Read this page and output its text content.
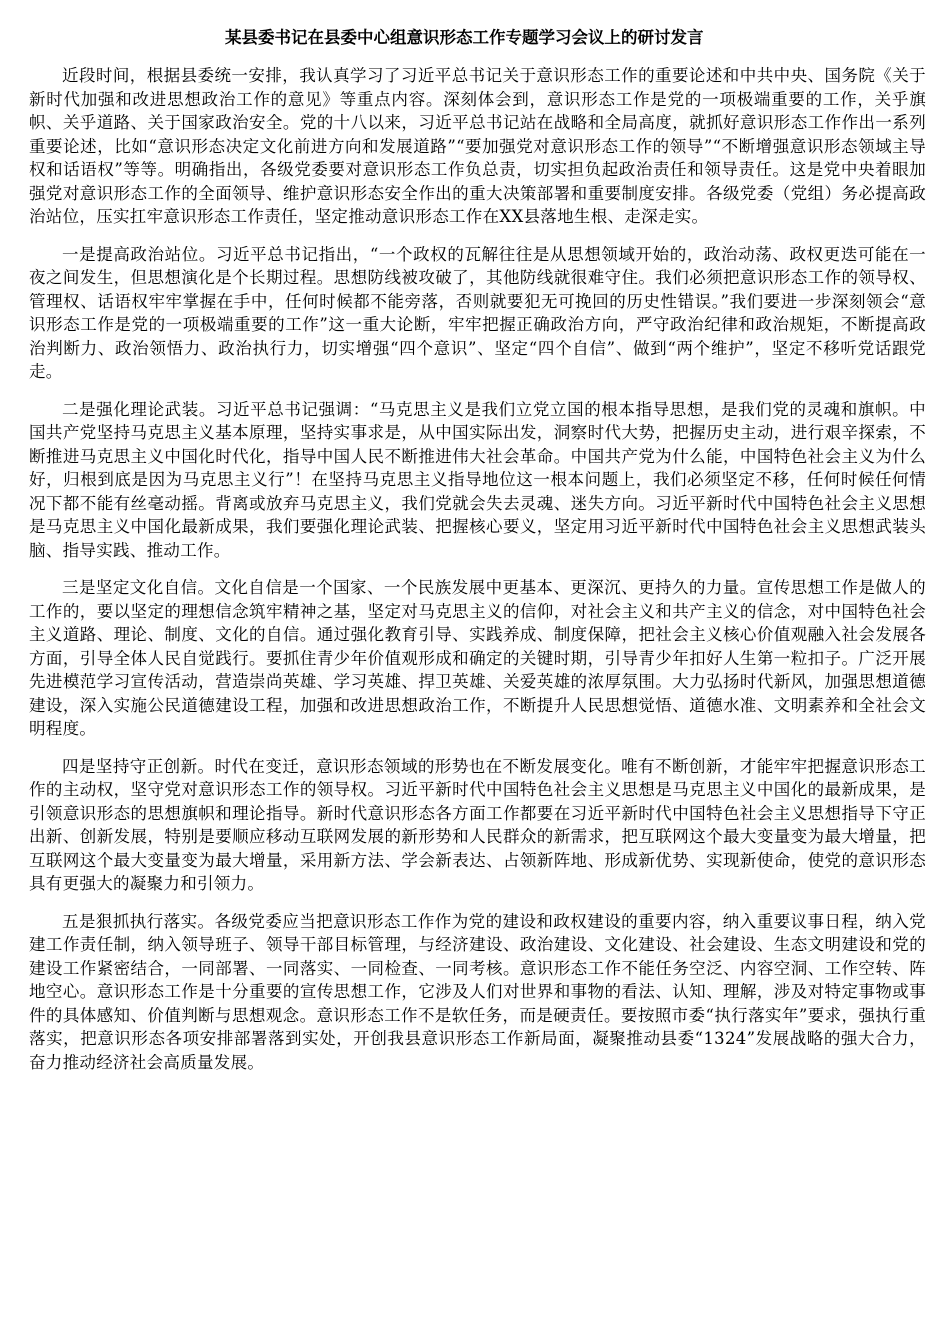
某县委书记在县委中心组意识形态工作专题学习会议上的研讨发言

近段时间，根据县委统一安排，我认真学习了习近平总书记关于意识形态工作的重要论述和中共中央、国务院《关于新时代加强和改进思想政治工作的意见》等重点内容。深刻体会到，意识形态工作是党的一项极端重要的工作，关乎旗帜、关乎道路、关于国家政治安全。党的十八以来，习近平总书记站在战略和全局高度，就抓好意识形态工作作出一系列重要论述，比如“意识形态决定文化前进方向和发展道路”“要加强党对意识形态工作的领导”“不断增强意识形态领域主导权和话语权”等等。明确指出，各级党委要对意识形态工作负总责，切实担负起政治责任和领导责任。这是党中央着眼加强党对意识形态工作的全面领导、维护意识形态安全作出的重大决策部署和重要制度安排。各级党委（党组）务必提高政治站位，压实扛牢意识形态工作责任，坚定推动意识形态工作在XX县落地生根、走深走实。

一是提高政治站位。习近平总书记指出，“一个政权的瓦解往往是从思想领域开始的，政治动荡、政权更迭可能在一夜之间发生，但思想演化是个长期过程。思想防线被攻破了，其他防线就很难守住。我们必须把意识形态工作的领导权、管理权、话语权牢牢掌握在手中，任何时候都不能旁落，否则就要犯无可挽回的历史性错误。”我们要进一步深刻领会“意识形态工作是党的一项极端重要的工作”这一重大论断，牢牢把握正确政治方向，严守政治纪律和政治规矩，不断提高政治判断力、政治领悟力、政治执行力，切实增强“四个意识”、坚定“四个自信”、做到“两个维护”，坚定不移听党话跟党走。

二是强化理论武装。习近平总书记强调：“马克思主义是我们立党立国的根本指导思想，是我们党的灵魂和旗帜。中国共产党坚持马克思主义基本原理，坚持实事求是，从中国实际出发，洞察时代大势，把握历史主动，进行艰辛探索，不断推进马克思主义中国化时代化，指导中国人民不断推进伟大社会革命。中国共产党为什么能，中国特色社会主义为什么好，归根到底是因为马克思主义行”！在坚持马克思主义指导地位这一根本问题上，我们必须坚定不移，任何时候任何情况下都不能有丝毫动摇。背离或放弃马克思主义，我们党就会失去灵魂、迷失方向。习近平新时代中国特色社会主义思想是马克思主义中国化最新成果，我们要强化理论武装、把握核心要义，坚定用习近平新时代中国特色社会主义思想武装头脑、指导实践、推动工作。

三是坚定文化自信。文化自信是一个国家、一个民族发展中更基本、更深沉、更持久的力量。宣传思想工作是做人的工作的，要以坚定的理想信念筑牢精神之基，坚定对马克思主义的信仰，对社会主义和共产主义的信念，对中国特色社会主义道路、理论、制度、文化的自信。通过强化教育引导、实践养成、制度保障，把社会主义核心价值观融入社会发展各方面，引导全体人民自觉践行。要抓住青少年价值观形成和确定的关键时期，引导青少年扣好人生第一粒扣子。广泛开展先进模范学习宣传活动，营造崇尚英雄、学习英雄、捍卫英雄、关爱英雄的浓厚氛围。大力弘扬时代新风，加强思想道德建设，深入实施公民道德建设工程，加强和改进思想政治工作，不断提升人民思想觉悟、道德水准、文明素养和全社会文明程度。

四是坚持守正创新。时代在变迁，意识形态领域的形势也在不断发展变化。唯有不断创新，才能牢牢把握意识形态工作的主动权，坚守党对意识形态工作的领导权。习近平新时代中国特色社会主义思想是马克思主义中国化的最新成果，是引领意识形态的思想旗帜和理论指导。新时代意识形态各方面工作都要在习近平新时代中国特色社会主义思想指导下守正出新、创新发展，特别是要顺应移动互联网发展的新形势和人民群众的新需求，把互联网这个最大变量变为最大增量，把互联网这个最大变量变为最大增量，采用新方法、学会新表达、占领新阵地、形成新优势、实现新使命，使党的意识形态具有更强大的凝聚力和引领力。

五是狠抓执行落实。各级党委应当把意识形态工作作为党的建设和政权建设的重要内容，纳入重要议事日程，纳入党建工作责任制，纳入领导班子、领导干部目标管理，与经济建设、政治建设、文化建设、社会建设、生态文明建设和党的建设工作紧密结合，一同部署、一同落实、一同检查、一同考核。意识形态工作不能任务空泛、内容空洞、工作空转、阵地空心。意识形态工作是十分重要的宣传思想工作，它涉及人们对世界和事物的看法、认知、理解，涉及对特定事物或事件的具体感知、价值判断与思想观念。意识形态工作不是软任务，而是硬责任。要按照市委“执行落实年”要求，强执行重落实，把意识形态各项安排部署落到实处，开创我县意识形态工作新局面，凝聚推动县委“1324”发展战略的强大合力，奋力推动经济社会高质量发展。
